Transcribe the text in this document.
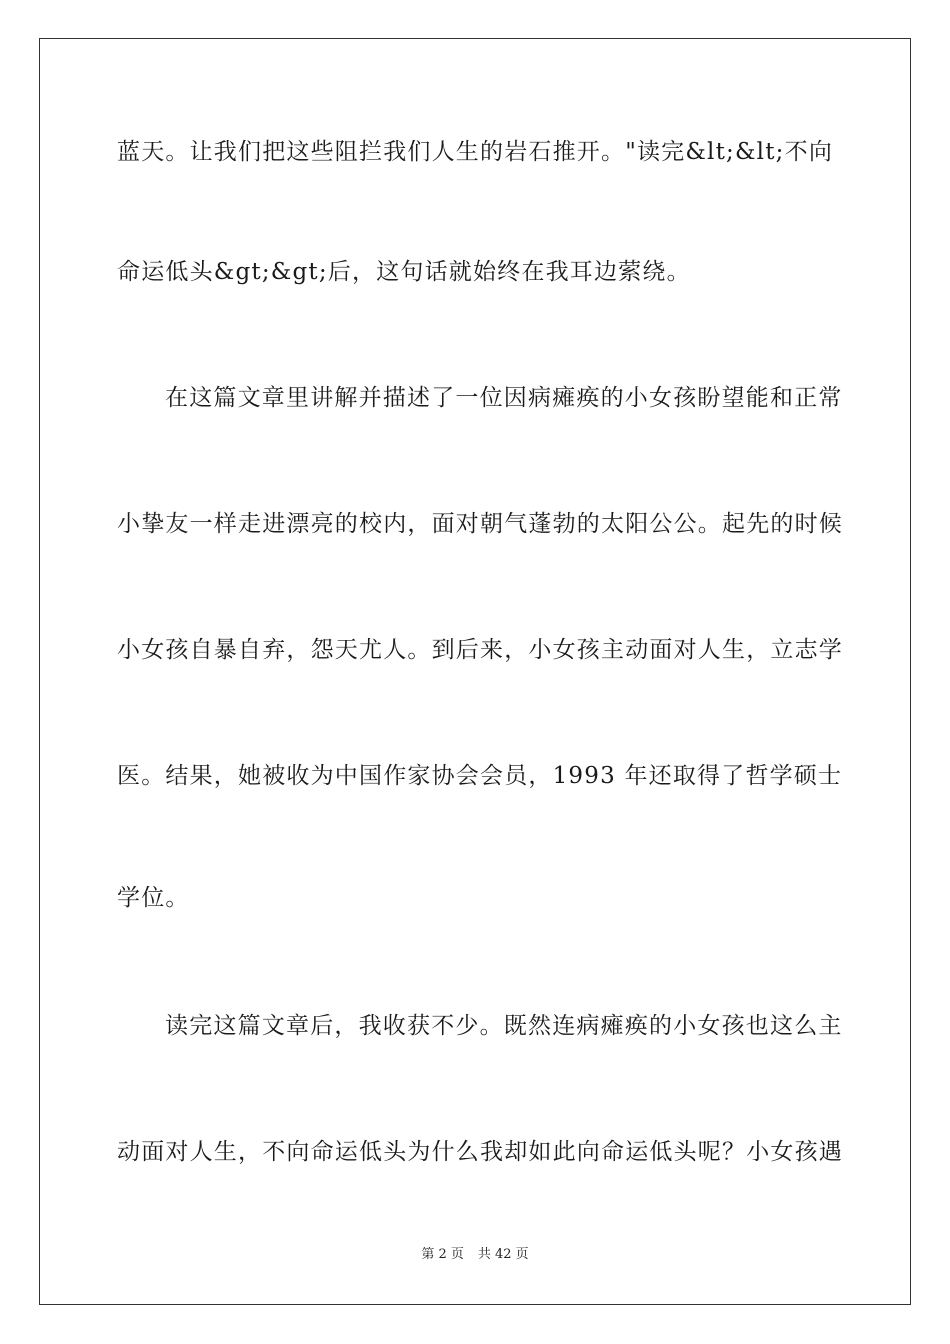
蓝天。让我们把这些阻拦我们人生的岩石推开。"读完&lt;&lt;不向
命运低头&gt;&gt;后，这句话就始终在我耳边萦绕。
在这篇文章里讲解并描述了一位因病瘫痪的小女孩盼望能和正常
小挚友一样走进漂亮的校内，面对朝气蓬勃的太阳公公。起先的时候
小女孩自暴自弃，怨天尤人。到后来，小女孩主动面对人生，立志学
医。结果，她被收为中国作家协会会员，1993 年还取得了哲学硕士
学位。
读完这篇文章后，我收获不少。既然连病瘫痪的小女孩也这么主
动面对人生，不向命运低头为什么我却如此向命运低头呢？小女孩遇
第 2 页 共 42 页
